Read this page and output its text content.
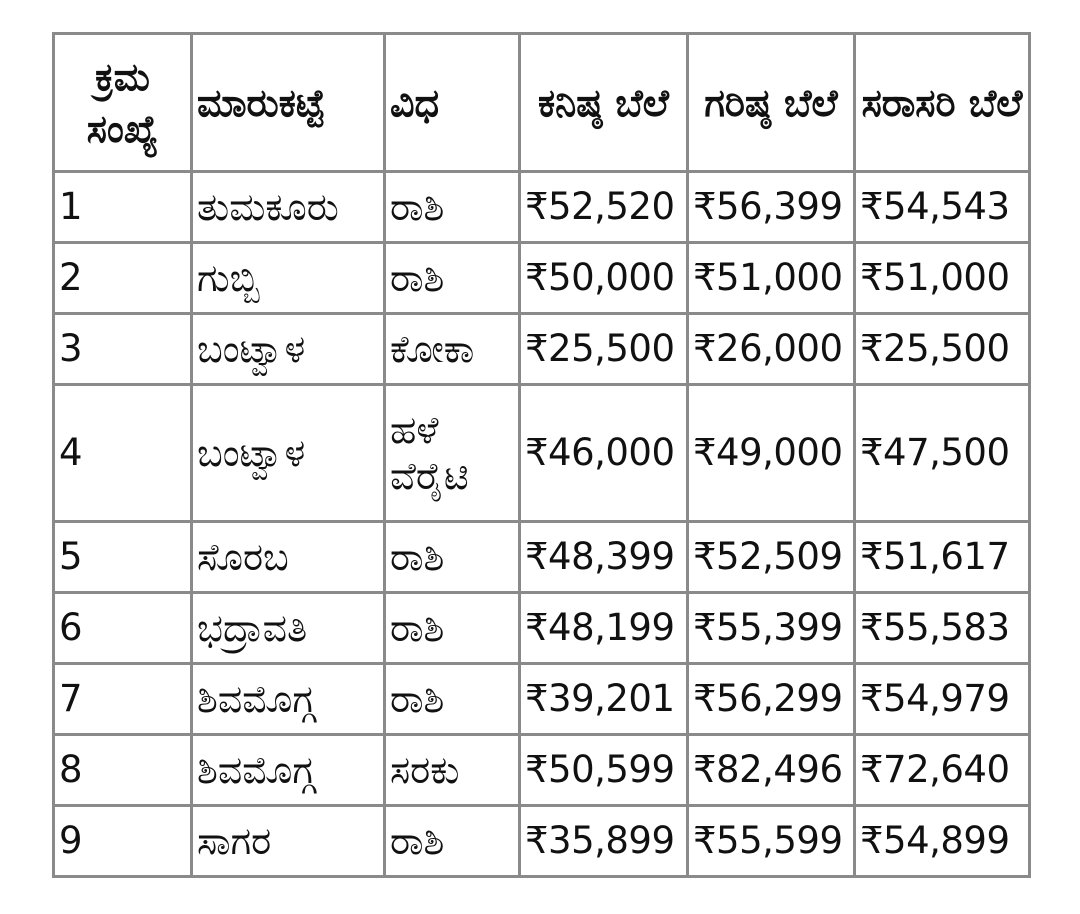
ಕ್ರಮ ಸಂಖ್ಯೆ	ಮಾರುಕಟ್ಟೆ	ವಿಧ	ಕನಿಷ್ಠ ಬೆಲೆ	ಗರಿಷ್ಠ ಬೆಲೆ	ಸರಾಸರಿ ಬೆಲೆ
1	ತುಮಕೂರು	ರಾಶಿ	₹52,520	₹56,399	₹54,543
2	ಗುಬ್ಬಿ	ರಾಶಿ	₹50,000	₹51,000	₹51,000
3	ಬಂಟ್ವಾಳ	ಕೋಕಾ	₹25,500	₹26,000	₹25,500
4	ಬಂಟ್ವಾಳ	ಹಳೆ ವೆರೈಟಿ	₹46,000	₹49,000	₹47,500
5	ಸೊರಬ	ರಾಶಿ	₹48,399	₹52,509	₹51,617
6	ಭದ್ರಾವತಿ	ರಾಶಿ	₹48,199	₹55,399	₹55,583
7	ಶಿವಮೊಗ್ಗ	ರಾಶಿ	₹39,201	₹56,299	₹54,979
8	ಶಿವಮೊಗ್ಗ	ಸರಕು	₹50,599	₹82,496	₹72,640
9	ಸಾಗರ	ರಾಶಿ	₹35,899	₹55,599	₹54,899
